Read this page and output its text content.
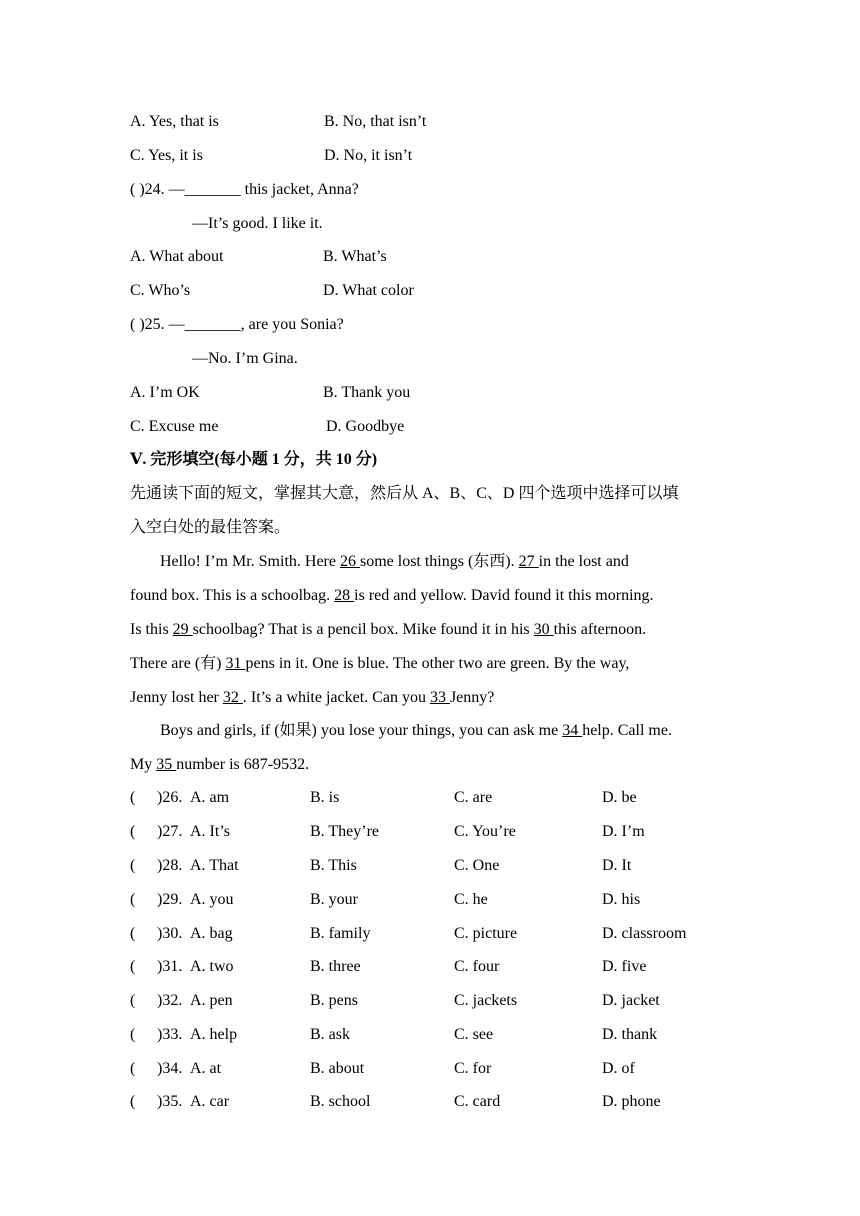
A. Yes, that is	B. No, that isn’t
C. Yes, it is	D. No, it isn’t
( )24. —_______ this jacket, Anna?
—It’s good. I like it.
A. What about	B. What’s
C. Who’s	D. What color
( )25. —_______, are you Sonia?
—No. I’m Gina.
A. I’m OK	B. Thank you
C. Excuse me	D. Goodbye
Ⅴ. 完形填空(每小题 1 分，共 10 分)
先通读下面的短文，掌握其大意，然后从 A、B、C、D 四个选项中选择可以填
入空白处的最佳答案。
Hello! I’m Mr. Smith. Here 26 some lost things (东西). 27 in the lost and
found box. This is a schoolbag. 28 is red and yellow. David found it this morning.
Is this 29 schoolbag? That is a pencil box. Mike found it in his 30 this afternoon.
There are (有) 31 pens in it. One is blue. The other two are green. By the way,
Jenny lost her 32 . It’s a white jacket. Can you 33 Jenny?
Boys and girls, if (如果) you lose your things, you can ask me 34 help. Call me.
My 35 number is 687-9532.
( )26. A. am	B. is	C. are	D. be
( )27. A. It’s	B. They’re	C. You’re	D. I’m
( )28. A. That	B. This	C. One	D. It
( )29. A. you	B. your	C. he	D. his
( )30. A. bag	B. family	C. picture	D. classroom
( )31. A. two	B. three	C. four	D. five
( )32. A. pen	B. pens	C. jackets	D. jacket
( )33. A. help	B. ask	C. see	D. thank
( )34. A. at	B. about	C. for	D. of
( )35. A. car	B. school	C. card	D. phone
